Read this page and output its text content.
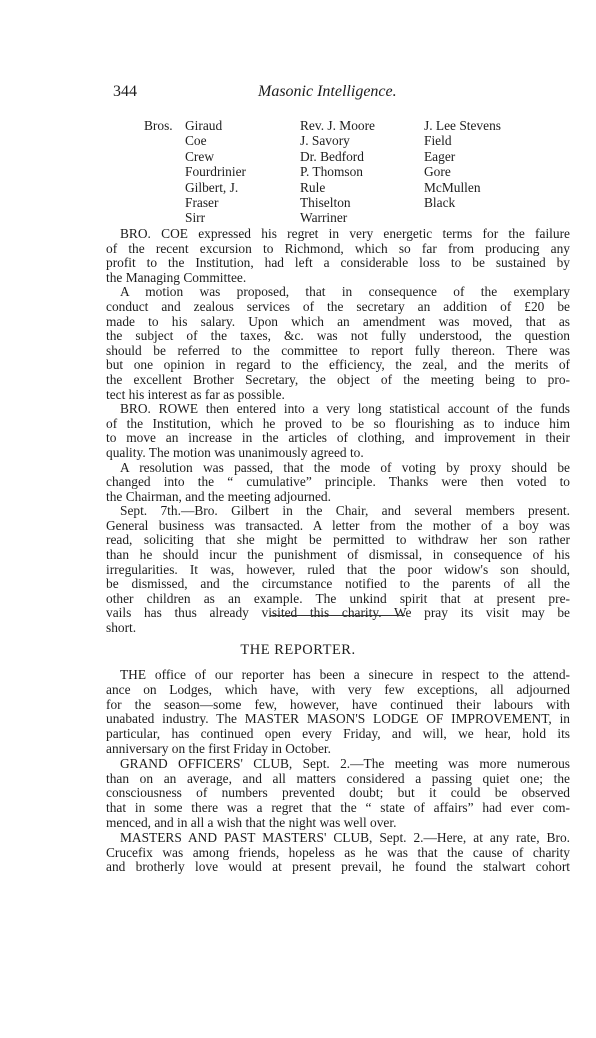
344	Masonic Intelligence.
Bros. Giraud
Coe
Crew
Fourdrinier
Gilbert, J.
Fraser
Sirr
Rev. J. Moore
J. Savory
Dr. Bedford
P. Thomson
Rule
Thiselton
Warriner
J. Lee Stevens
Field
Eager
Gore
McMullen
Black
BRO. COE expressed his regret in very energetic terms for the failure
of the recent excursion to Richmond, which so far from producing any
profit to the Institution, had left a considerable loss to be sustained by
the Managing Committee.
A motion was proposed, that in consequence of the exemplary
conduct and zealous services of the secretary an addition of £20 be
made to his salary. Upon which an amendment was moved, that as
the subject of the taxes, &c. was not fully understood, the question
should be referred to the committee to report fully thereon. There was
but one opinion in regard to the efficiency, the zeal, and the merits of
the excellent Brother Secretary, the object of the meeting being to pro-
tect his interest as far as possible.
BRO. ROWE then entered into a very long statistical account of the funds
of the Institution, which he proved to be so flourishing as to induce him
to move an increase in the articles of clothing, and improvement in their
quality. The motion was unanimously agreed to.
A resolution was passed, that the mode of voting by proxy should be
changed into the “ cumulative” principle. Thanks were then voted to
the Chairman, and the meeting adjourned.
Sept. 7th.—Bro. Gilbert in the Chair, and several members present.
General business was transacted. A letter from the mother of a boy was
read, soliciting that she might be permitted to withdraw her son rather
than he should incur the punishment of dismissal, in consequence of his
irregularities. It was, however, ruled that the poor widow's son should,
be dismissed, and the circumstance notified to the parents of all the
other children as an example. The unkind spirit that at present pre-
vails has thus already visited this charity. We pray its visit may be
short.
THE REPORTER.
THE office of our reporter has been a sinecure in respect to the attend-
ance on Lodges, which have, with very few exceptions, all adjourned
for the season—some few, however, have continued their labours with
unabated industry. The MASTER MASON'S LODGE OF IMPROVEMENT, in
particular, has continued open every Friday, and will, we hear, hold its
anniversary on the first Friday in October.
GRAND OFFICERS' CLUB, Sept. 2.—The meeting was more numerous
than on an average, and all matters considered a passing quiet one; the
consciousness of numbers prevented doubt; but it could be observed
that in some there was a regret that the “ state of affairs” had ever com-
menced, and in all a wish that the night was well over.
MASTERS AND PAST MASTERS' CLUB, Sept. 2.—Here, at any rate, Bro.
Crucefix was among friends, hopeless as he was that the cause of charity
and brotherly love would at present prevail, he found the stalwart cohort
